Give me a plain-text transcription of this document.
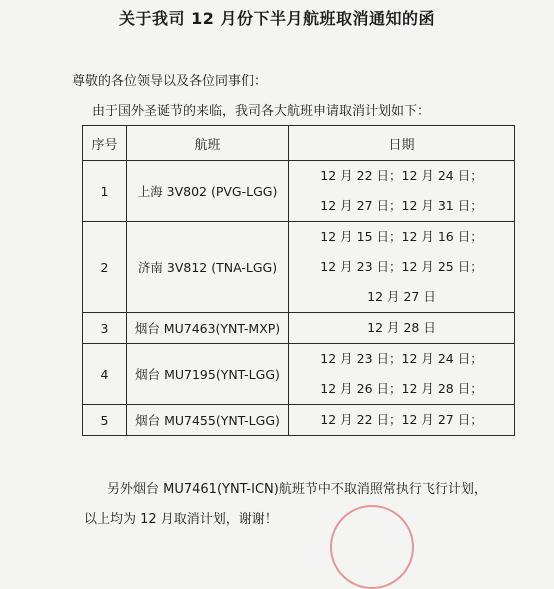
关于我司 12 月份下半月航班取消通知的函
尊敬的各位领导以及各位同事们：
由于国外圣诞节的来临，我司各大航班申请取消计划如下：
序号	航班	日期
1	上海 3V802 (PVG-LGG)	12 月 22 日；12 月 24 日；
12 月 27 日；12 月 31 日；

2	济南 3V812 (TNA-LGG)	12 月 15 日；12 月 16 日；
12 月 23 日；12 月 25 日；
12 月 27 日

3	烟台 MU7463(YNT-MXP)	12 月 28 日

4	烟台 MU7195(YNT-LGG)	12 月 23 日；12 月 24 日；
12 月 26 日；12 月 28 日；

5	烟台 MU7455(YNT-LGG)	12 月 22 日；12 月 27 日；
另外烟台 MU7461(YNT-ICN)航班节中不取消照常执行飞行计划，
以上均为 12 月取消计划，谢谢！
